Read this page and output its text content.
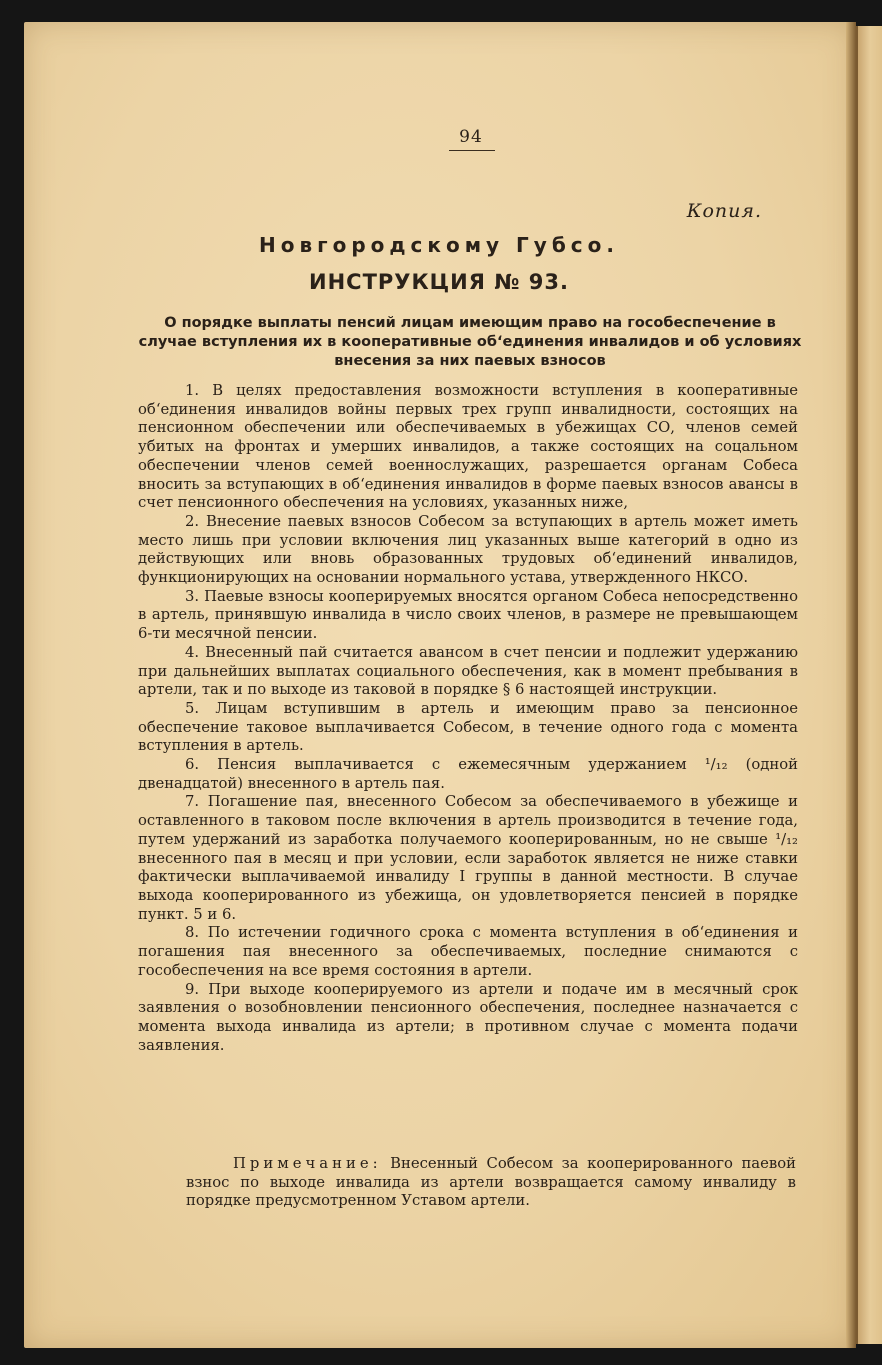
94
Копия.
Новгородскому Губсо.
ИНСТРУКЦИЯ № 93.
О порядке выплаты пенсий лицам имеющим право на гособеспечение в случае вступления их в кооперативные об‘единения инвалидов и об условиях внесения за них паевых взносов

1. В целях предоставления возможности вступления в кооперативные об‘единения инвалидов войны первых трех групп инвалидности, состоящих на пенсионном обеспечении или обеспечиваемых в убежищах СО, членов семей убитых на фронтах и умерших инвалидов, а также состоящих на соцальном обеспечении членов семей военнослужащих, разрешается органам Собеса вносить за вступающих в об‘единения инвалидов в форме паевых взносов авансы в счет пенсионного обеспечения на условиях, указанных ниже,

2. Внесение паевых взносов Собесом за вступающих в артель может иметь место лишь при условии включения лиц указанных выше категорий в одно из действующих или вновь образованных трудовых об‘единений инвалидов, функционирующих на основании нормального устава, утвержденного НКСО.

3. Паевые взносы кооперируемых вносятся органом Собеса непосредственно в артель, принявшую инвалида в число своих членов, в размере не превышающем 6-ти месячной пенсии.

4. Внесенный пай считается авансом в счет пенсии и подлежит удержанию при дальнейших выплатах социального обеспечения, как в момент пребывания в артели, так и по выходе из таковой в порядке § 6 настоящей инструкции.

5. Лицам вступившим в артель и имеющим право за пенсионное обеспечение таковое выплачивается Собесом, в течение одного года с момента вступления в артель.

6. Пенсия выплачивается с ежемесячным удержанием ¹/₁₂ (одной двенадцатой) внесенного в артель пая.

7. Погашение пая, внесенного Собесом за обеспечиваемого в убежище и оставленного в таковом после включения в артель производится в течение года, путем удержаний из заработка получаемого кооперированным, но не свыше ¹/₁₂ внесенного пая в месяц и при условии, если заработок является не ниже ставки фактически выплачиваемой инвалиду I группы в данной местности. В случае выхода кооперированного из убежища, он удовлетворяется пенсией в порядке пункт. 5 и 6.

8. По истечении годичного срока с момента вступления в об‘единения и погашения пая внесенного за обеспечиваемых, последние снимаются с гособеспечения на все время состояния в артели.

9. При выходе кооперируемого из артели и подаче им в месячный срок заявления о возобновлении пенсионного обеспечения, последнее назначается с момента выхода инвалида из артели; в противном случае с момента подачи заявления.

Примечание: Внесенный Собесом за кооперированного паевой взнос по выходе инвалида из артели возвращается самому инвалиду в порядке предусмотренном Уставом артели.
